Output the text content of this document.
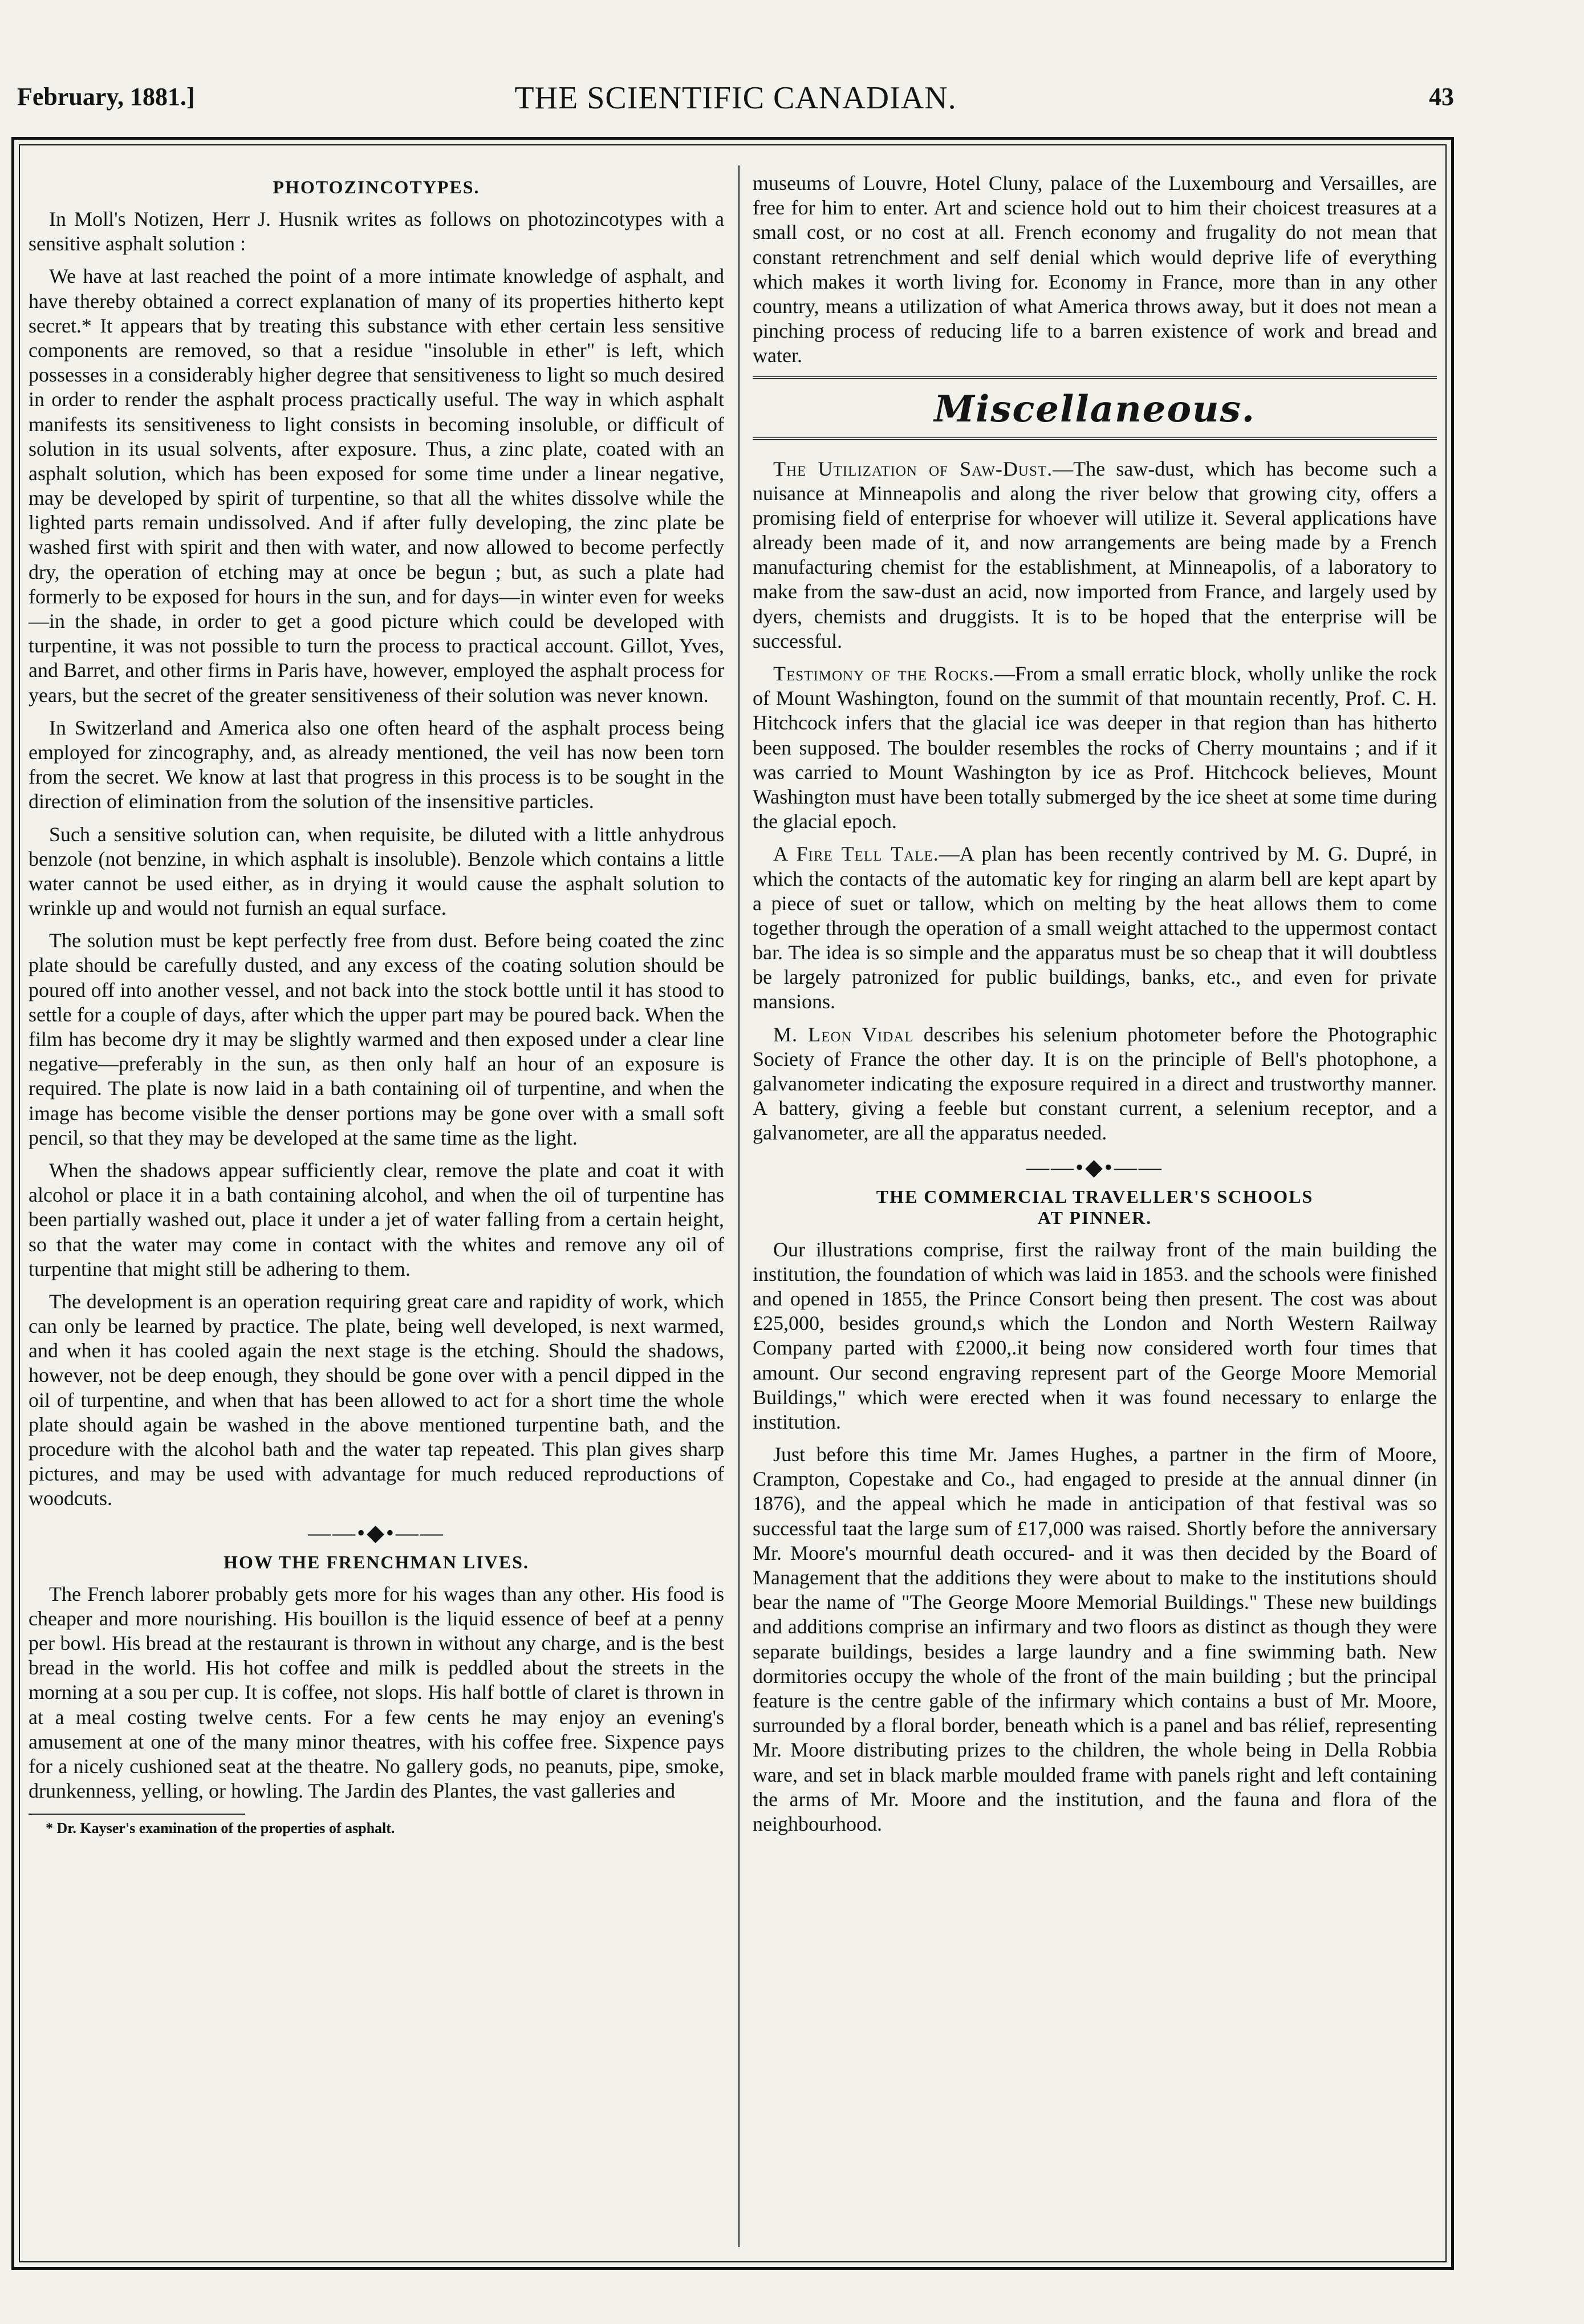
February, 1881.]	THE SCIENTIFIC CANADIAN.	43
PHOTOZINCOTYPES.

In Moll's Notizen, Herr J. Husnik writes as follows on photozincotypes with a sensitive asphalt solution :

We have at last reached the point of a more intimate knowledge of asphalt, and have thereby obtained a correct explanation of many of its properties hitherto kept secret.* It appears that by treating this substance with ether certain less sensitive components are removed, so that a residue "insoluble in ether" is left, which possesses in a considerably higher degree that sensitiveness to light so much desired in order to render the asphalt process practically useful. The way in which asphalt manifests its sensitiveness to light consists in becoming insoluble, or difficult of solution in its usual solvents, after exposure. Thus, a zinc plate, coated with an asphalt solution, which has been exposed for some time under a linear negative, may be developed by spirit of turpentine, so that all the whites dissolve while the lighted parts remain undissolved. And if after fully developing, the zinc plate be washed first with spirit and then with water, and now allowed to become perfectly dry, the operation of etching may at once be begun ; but, as such a plate had formerly to be exposed for hours in the sun, and for days—in winter even for weeks—in the shade, in order to get a good picture which could be developed with turpentine, it was not possible to turn the process to practical account. Gillot, Yves, and Barret, and other firms in Paris have, however, employed the asphalt process for years, but the secret of the greater sensitiveness of their solution was never known.

In Switzerland and America also one often heard of the asphalt process being employed for zincography, and, as already mentioned, the veil has now been torn from the secret. We know at last that progress in this process is to be sought in the direction of elimination from the solution of the insensitive particles.

Such a sensitive solution can, when requisite, be diluted with a little anhydrous benzole (not benzine, in which asphalt is insoluble). Benzole which contains a little water cannot be used either, as in drying it would cause the asphalt solution to wrinkle up and would not furnish an equal surface.

The solution must be kept perfectly free from dust. Before being coated the zinc plate should be carefully dusted, and any excess of the coating solution should be poured off into another vessel, and not back into the stock bottle until it has stood to settle for a couple of days, after which the upper part may be poured back. When the film has become dry it may be slightly warmed and then exposed under a clear line negative—preferably in the sun, as then only half an hour of an exposure is required. The plate is now laid in a bath containing oil of turpentine, and when the image has become visible the denser portions may be gone over with a small soft pencil, so that they may be developed at the same time as the light.

When the shadows appear sufficiently clear, remove the plate and coat it with alcohol or place it in a bath containing alcohol, and when the oil of turpentine has been partially washed out, place it under a jet of water falling from a certain height, so that the water may come in contact with the whites and remove any oil of turpentine that might still be adhering to them.

The development is an operation requiring great care and rapidity of work, which can only be learned by practice. The plate, being well developed, is next warmed, and when it has cooled again the next stage is the etching. Should the shadows, however, not be deep enough, they should be gone over with a pencil dipped in the oil of turpentine, and when that has been allowed to act for a short time the whole plate should again be washed in the above mentioned turpentine bath, and the procedure with the alcohol bath and the water tap repeated. This plan gives sharp pictures, and may be used with advantage for much reduced reproductions of woodcuts.

——•◆•——
HOW THE FRENCHMAN LIVES.

The French laborer probably gets more for his wages than any other. His food is cheaper and more nourishing. His bouillon is the liquid essence of beef at a penny per bowl. His bread at the restaurant is thrown in without any charge, and is the best bread in the world. His hot coffee and milk is peddled about the streets in the morning at a sou per cup. It is coffee, not slops. His half bottle of claret is thrown in at a meal costing twelve cents. For a few cents he may enjoy an evening's amusement at one of the many minor theatres, with his coffee free. Sixpence pays for a nicely cushioned seat at the theatre. No gallery gods, no peanuts, pipe, smoke, drunkenness, yelling, or howling. The Jardin des Plantes, the vast galleries and

* Dr. Kayser's examination of the properties of asphalt.

museums of Louvre, Hotel Cluny, palace of the Luxembourg and Versailles, are free for him to enter. Art and science hold out to him their choicest treasures at a small cost, or no cost at all. French economy and frugality do not mean that constant retrenchment and self denial which would deprive life of everything which makes it worth living for. Economy in France, more than in any other country, means a utilization of what America throws away, but it does not mean a pinching process of reducing life to a barren existence of work and bread and water.

Miscellaneous.

The Utilization of Saw-Dust.—The saw-dust, which has become such a nuisance at Minneapolis and along the river below that growing city, offers a promising field of enterprise for whoever will utilize it. Several applications have already been made of it, and now arrangements are being made by a French manufacturing chemist for the establishment, at Minneapolis, of a laboratory to make from the saw-dust an acid, now imported from France, and largely used by dyers, chemists and druggists. It is to be hoped that the enterprise will be successful.

Testimony of the Rocks.—From a small erratic block, wholly unlike the rock of Mount Washington, found on the summit of that mountain recently, Prof. C. H. Hitchcock infers that the glacial ice was deeper in that region than has hitherto been supposed. The boulder resembles the rocks of Cherry mountains ; and if it was carried to Mount Washington by ice as Prof. Hitchcock believes, Mount Washington must have been totally submerged by the ice sheet at some time during the glacial epoch.

A Fire Tell Tale.—A plan has been recently contrived by M. G. Dupré, in which the contacts of the automatic key for ringing an alarm bell are kept apart by a piece of suet or tallow, which on melting by the heat allows them to come together through the operation of a small weight attached to the uppermost contact bar. The idea is so simple and the apparatus must be so cheap that it will doubtless be largely patronized for public buildings, banks, etc., and even for private mansions.

M. Leon Vidal describes his selenium photometer before the Photographic Society of France the other day. It is on the principle of Bell's photophone, a galvanometer indicating the exposure required in a direct and trustworthy manner. A battery, giving a feeble but constant current, a selenium receptor, and a galvanometer, are all the apparatus needed.

——•◆•——
THE COMMERCIAL TRAVELLER'S SCHOOLS
AT PINNER.

Our illustrations comprise, first the railway front of the main building the institution, the foundation of which was laid in 1853. and the schools were finished and opened in 1855, the Prince Consort being then present. The cost was about £25,000, besides ground,s which the London and North Western Railway Company parted with £2000,.it being now considered worth four times that amount. Our second engraving represent part of the George Moore Memorial Buildings," which were erected when it was found necessary to enlarge the institution.

Just before this time Mr. James Hughes, a partner in the firm of Moore, Crampton, Copestake and Co., had engaged to preside at the annual dinner (in 1876), and the appeal which he made in anticipation of that festival was so successful taat the large sum of £17,000 was raised. Shortly before the anniversary Mr. Moore's mournful death occured- and it was then decided by the Board of Management that the additions they were about to make to the institutions should bear the name of "The George Moore Memorial Buildings." These new buildings and additions comprise an infirmary and two floors as distinct as though they were separate buildings, besides a large laundry and a fine swimming bath. New dormitories occupy the whole of the front of the main building ; but the principal feature is the centre gable of the infirmary which contains a bust of Mr. Moore, surrounded by a floral border, beneath which is a panel and bas rélief, representing Mr. Moore distributing prizes to the children, the whole being in Della Robbia ware, and set in black marble moulded frame with panels right and left containing the arms of Mr. Moore and the institution, and the fauna and flora of the neighbourhood.
